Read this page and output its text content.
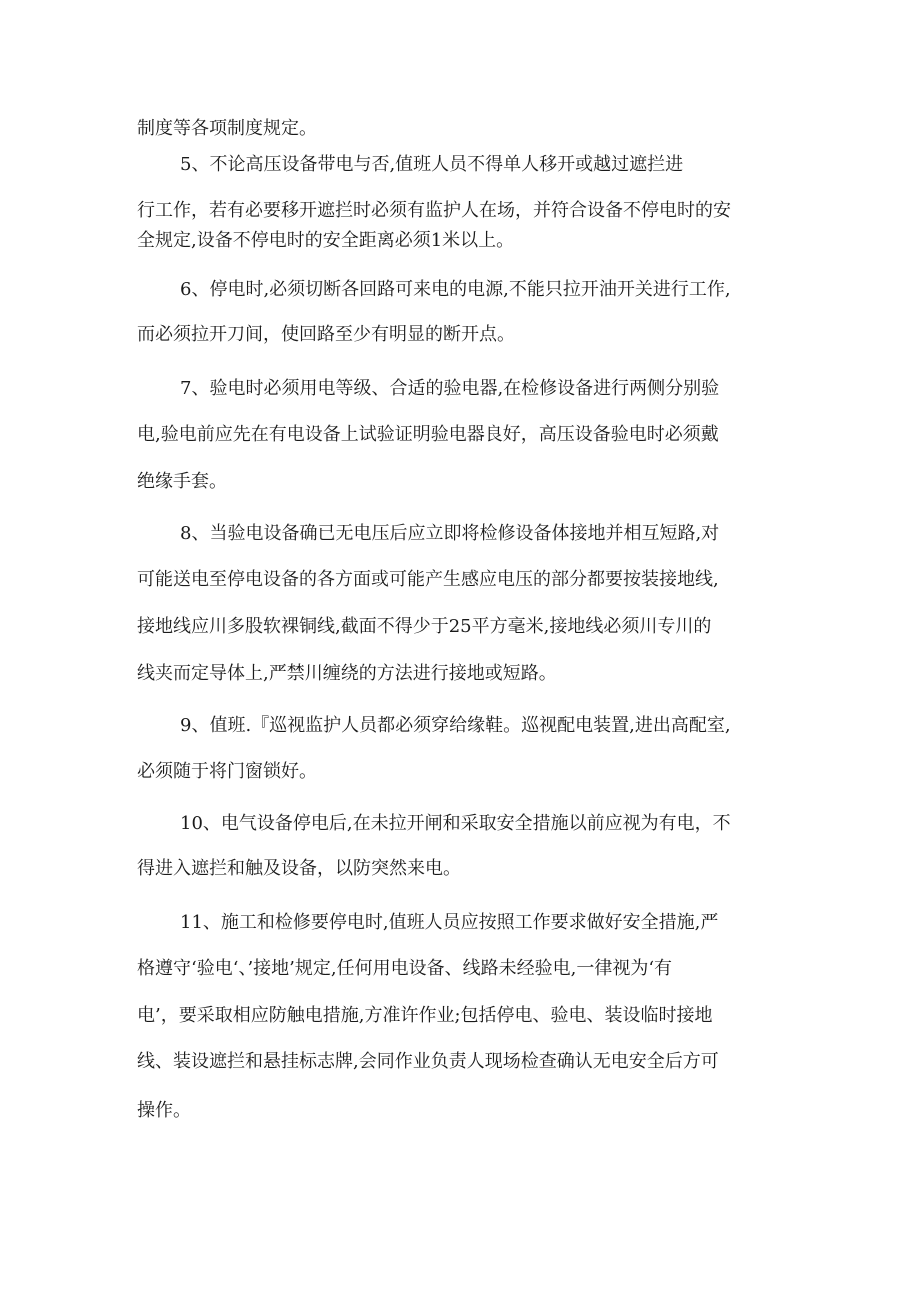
制度等各项制度规定。
5、不论高压设备带电与否,值班人员不得单人移开或越过遮拦进
行工作，若有必要移开遮拦时必须有监护人在场，并符合设备不停电时的安
全规定,设备不停电时的安全距离必须1米以上。
6、停电时,必须切断各回路可来电的电源,不能只拉开油开关进行工作,
而必须拉开刀间，使回路至少有明显的断开点。
7、验电时必须用电等级、合适的验电器,在检修设备进行两侧分别验
电,验电前应先在有电设备上试验证明验电器良好，高压设备验电时必须戴
绝缘手套。
8、当验电设备确已无电压后应立即将检修设备体接地并相互短路,对
可能送电至停电设备的各方面或可能产生感应电压的部分都要按装接地线,
接地线应川多股软裸铜线,截面不得少于25平方毫米,接地线必须川专川的
线夹而定导体上,严禁川缠绕的方法进行接地或短路。
9、值班.『巡视监护人员都必须穿给缘鞋。巡视配电装置,进出高配室,
必须随于将门窗锁好。
10、电气设备停电后,在未拉开闸和采取安全措施以前应视为有电，不
得进入遮拦和触及设备，以防突然来电。
11、施工和检修要停电时,值班人员应按照工作要求做好安全措施,严
格遵守‘验电‘、’接地’规定,任何用电设备、线路未经验电,一律视为‘有
电’，要采取相应防触电措施,方准许作业;包括停电、验电、装设临时接地
线、装设遮拦和悬挂标志牌,会同作业负责人现场检查确认无电安全后方可
操作。
